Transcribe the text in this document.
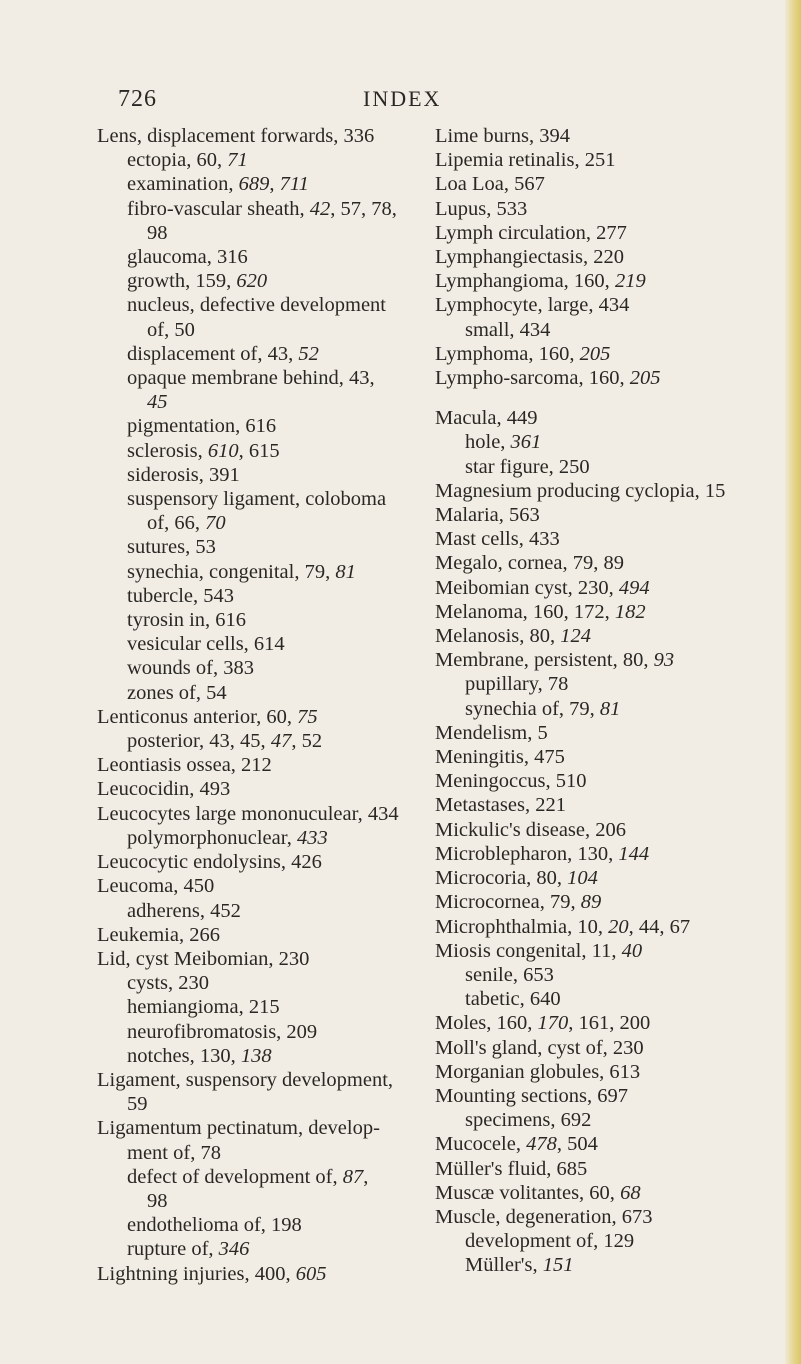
726	INDEX
Lens, displacement forwards, 336
ectopia, 60, 71
examination, 689, 711
fibro-vascular sheath, 42, 57, 78,
98
glaucoma, 316
growth, 159, 620
nucleus, defective development
of, 50
displacement of, 43, 52
opaque membrane behind, 43,
45
pigmentation, 616
sclerosis, 610, 615
siderosis, 391
suspensory ligament, coloboma
of, 66, 70
sutures, 53
synechia, congenital, 79, 81
tubercle, 543
tyrosin in, 616
vesicular cells, 614
wounds of, 383
zones of, 54
Lenticonus anterior, 60, 75
posterior, 43, 45, 47, 52
Leontiasis ossea, 212
Leucocidin, 493
Leucocytes large mononuculear, 434
polymorphonuclear, 433
Leucocytic endolysins, 426
Leucoma, 450
adherens, 452
Leukemia, 266
Lid, cyst Meibomian, 230
cysts, 230
hemiangioma, 215
neurofibromatosis, 209
notches, 130, 138
Ligament, suspensory development,
59
Ligamentum pectinatum, develop-
ment of, 78
defect of development of, 87,
98
endothelioma of, 198
rupture of, 346
Lightning injuries, 400, 605
Lime burns, 394
Lipemia retinalis, 251
Loa Loa, 567
Lupus, 533
Lymph circulation, 277
Lymphangiectasis, 220
Lymphangioma, 160, 219
Lymphocyte, large, 434
small, 434
Lymphoma, 160, 205
Lympho-sarcoma, 160, 205
Macula, 449
hole, 361
star figure, 250
Magnesium producing cyclopia, 15
Malaria, 563
Mast cells, 433
Megalo, cornea, 79, 89
Meibomian cyst, 230, 494
Melanoma, 160, 172, 182
Melanosis, 80, 124
Membrane, persistent, 80, 93
pupillary, 78
synechia of, 79, 81
Mendelism, 5
Meningitis, 475
Meningoccus, 510
Metastases, 221
Mickulic's disease, 206
Microblepharon, 130, 144
Microcoria, 80, 104
Microcornea, 79, 89
Microphthalmia, 10, 20, 44, 67
Miosis congenital, 11, 40
senile, 653
tabetic, 640
Moles, 160, 170, 161, 200
Moll's gland, cyst of, 230
Morganian globules, 613
Mounting sections, 697
specimens, 692
Mucocele, 478, 504
Müller's fluid, 685
Muscæ volitantes, 60, 68
Muscle, degeneration, 673
development of, 129
Müller's, 151
